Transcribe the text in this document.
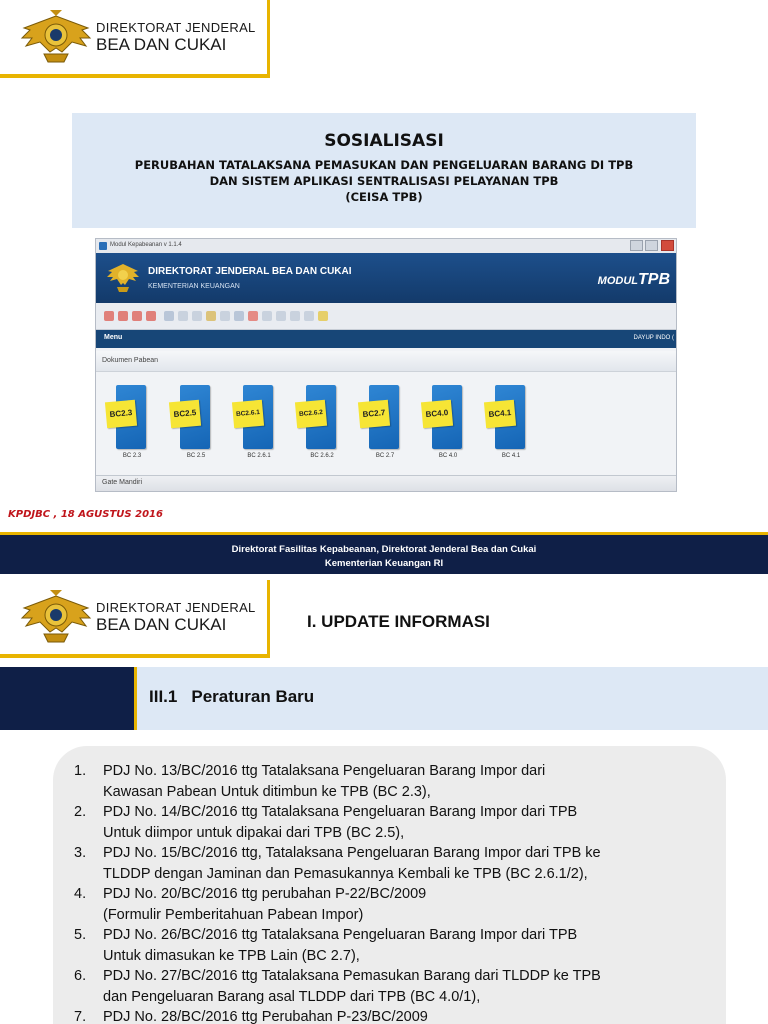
DIREKTORAT JENDERAL
BEA DAN CUKAI
SOSIALISASI
PERUBAHAN TATALAKSANA PEMASUKAN DAN PENGELUARAN BARANG DI TPB
DAN SISTEM APLIKASI SENTRALISASI PELAYANAN TPB
(CEISA TPB)
Modul Kepabeanan v 1.1.4

DIREKTORAT JENDERAL BEA DAN CUKAI
KEMENTERIAN KEUANGAN	MODULTPB
Menu	DAYUP INDO (
Dokumen Pabean
BC2.3
BC 2.3
BC2.5
BC 2.5
BC2.6.1
BC 2.6.1
BC2.6.2
BC 2.6.2
BC2.7
BC 2.7
BC4.0
BC 4.0
BC4.1
BC 4.1
Gate Mandiri
KPDJBC , 18 AGUSTUS 2016
Direktorat Fasilitas Kepabeanan, Direktorat Jenderal Bea dan Cukai
Kementerian Keuangan RI
DIREKTORAT JENDERAL
BEA DAN CUKAI	I. UPDATE INFORMASI
III.1 Peraturan Baru
1. PDJ No. 13/BC/2016 ttg Tatalaksana Pengeluaran Barang Impor dari
Kawasan Pabean Untuk ditimbun ke TPB (BC 2.3),
2. PDJ No. 14/BC/2016 ttg Tatalaksana Pengeluaran Barang Impor dari TPB
Untuk diimpor untuk dipakai dari TPB (BC 2.5),
3. PDJ No. 15/BC/2016 ttg, Tatalaksana Pengeluaran Barang Impor dari TPB ke
TLDDP dengan Jaminan dan Pemasukannya Kembali ke TPB (BC 2.6.1/2),
4. PDJ No. 20/BC/2016 ttg perubahan P-22/BC/2009
(Formulir Pemberitahuan Pabean Impor)
5. PDJ No. 26/BC/2016 ttg Tatalaksana Pengeluaran Barang Impor dari TPB
Untuk dimasukan ke TPB Lain (BC 2.7),
6. PDJ No. 27/BC/2016 ttg Tatalaksana Pemasukan Barang dari TLDDP ke TPB
dan Pengeluaran Barang asal TLDDP dari TPB (BC 4.0/1),
7. PDJ No. 28/BC/2016 ttg Perubahan P-23/BC/2009
